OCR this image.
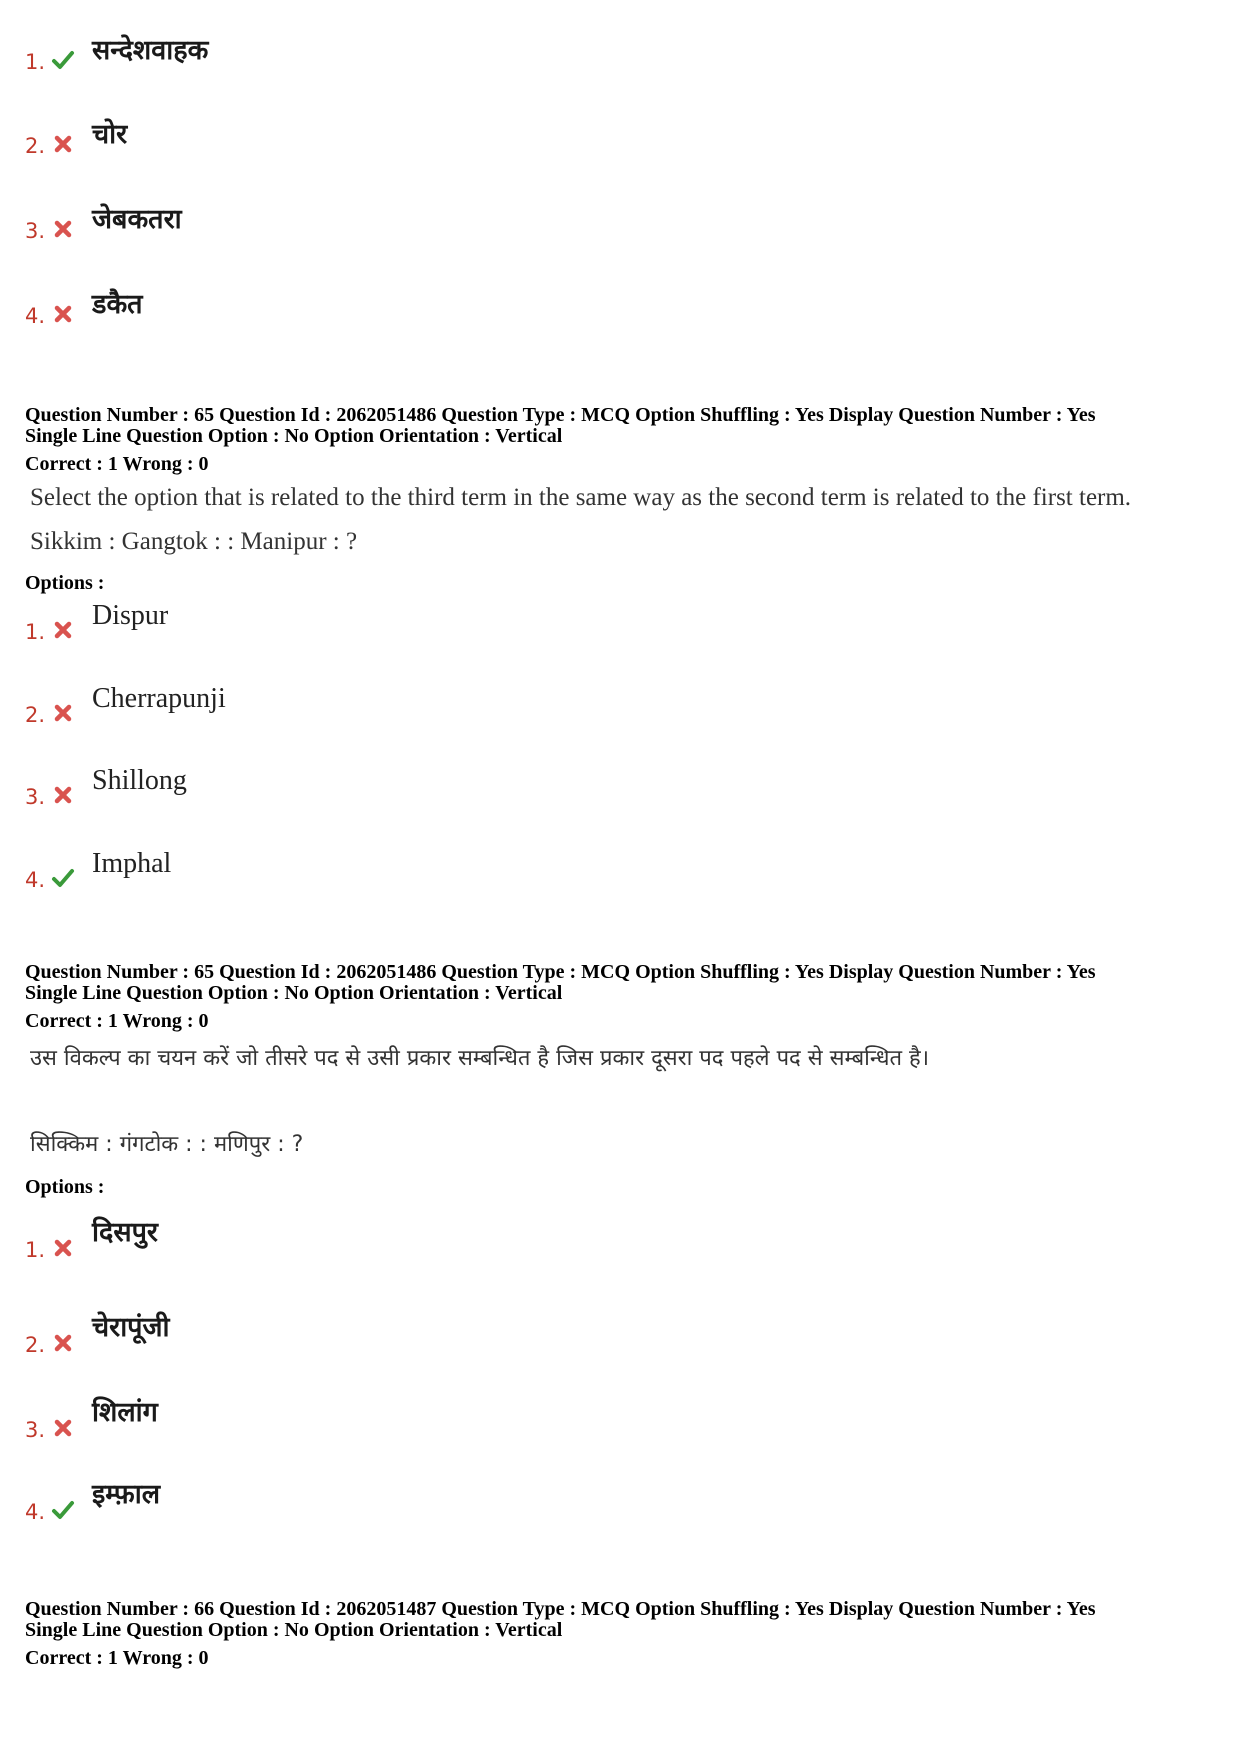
1. सन्देशवाहक
2. चोर
3. जेबकतरा
4. डकैत
Question Number : 65 Question Id : 2062051486 Question Type : MCQ Option Shuffling : Yes Display Question Number : Yes
Single Line Question Option : No Option Orientation : Vertical
Correct : 1 Wrong : 0
Select the option that is related to the third term in the same way as the second term is related to the first term.
Sikkim : Gangtok : : Manipur : ?
Options :
1.
Dispur
2.
Cherrapunji
3.
Shillong
4.
Imphal
Question Number : 65 Question Id : 2062051486 Question Type : MCQ Option Shuffling : Yes Display Question Number : Yes
Single Line Question Option : No Option Orientation : Vertical
Correct : 1 Wrong : 0
उस विकल्प का चयन करें जो तीसरे पद से उसी प्रकार सम्बन्धित है जिस प्रकार दूसरा पद पहले पद से सम्बन्धित है।
सिक्किम : गंगटोक : : मणिपुर : ?
Options :
1.
दिसपुर
2.
चेरापूंजी
3.
शिलांग
4.
इम्फ़ाल
Question Number : 66 Question Id : 2062051487 Question Type : MCQ Option Shuffling : Yes Display Question Number : Yes
Single Line Question Option : No Option Orientation : Vertical
Correct : 1 Wrong : 0
